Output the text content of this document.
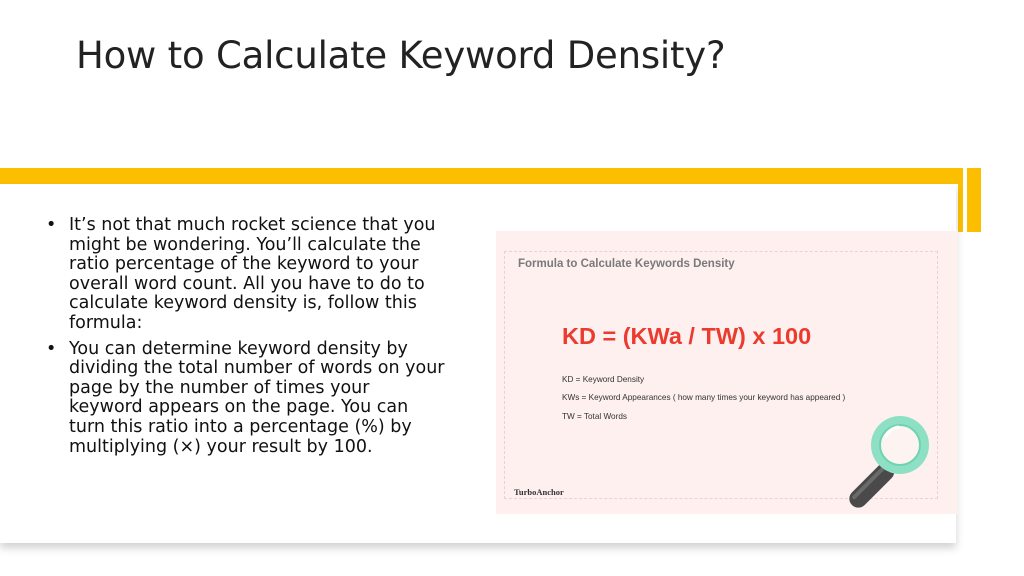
How to Calculate Keyword Density?
• It’s not that much rocket science that you might be wondering. You’ll calculate the ratio percentage of the keyword to your overall word count. All you have to do to calculate keyword density is, follow this formula:
• You can determine keyword density by dividing the total number of words on your page by the number of times your keyword appears on the page. You can turn this ratio into a percentage (%) by multiplying (×) your result by 100.
Formula to Calculate Keywords Density
KD = (KWa / TW) x 100
KD = Keyword Density
KWs = Keyword Appearances ( how many times your keyword has appeared )
TW = Total Words
TurboAnchor
